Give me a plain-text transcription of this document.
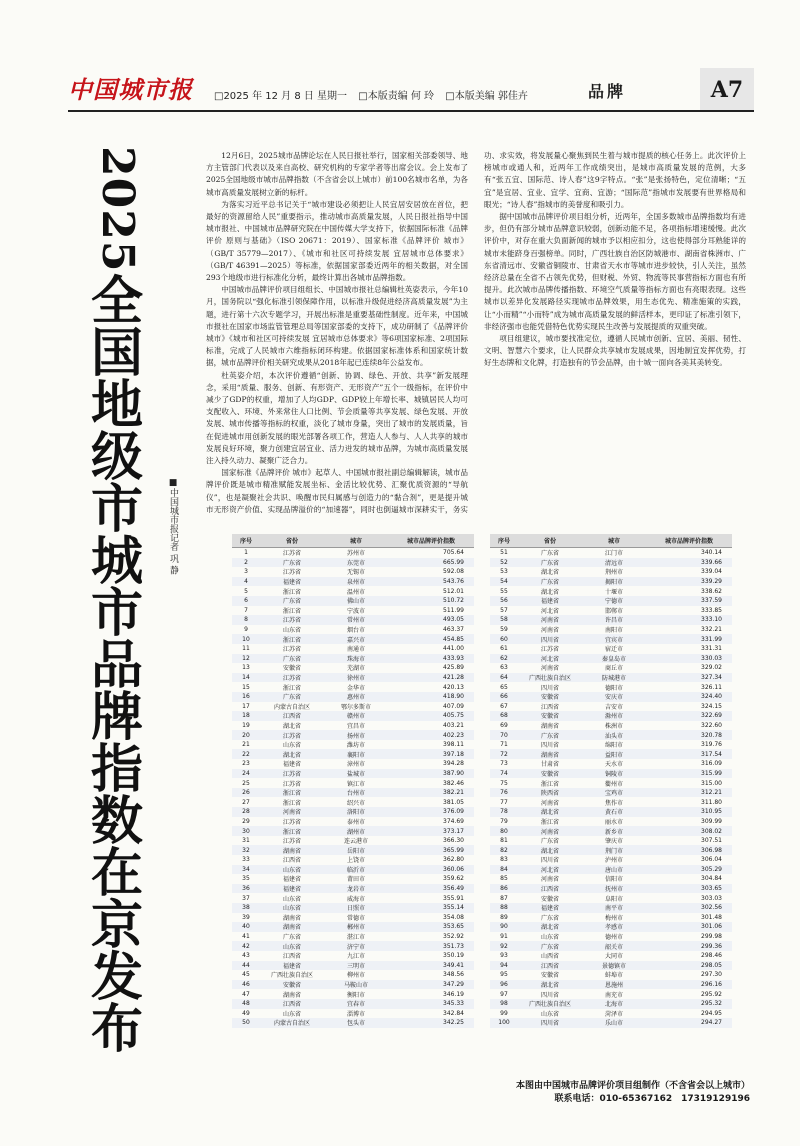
中国城市报 □2025 年 12 月 8 日 星期一 □本版责编 何 玲 □本版美编 郭佳卉	品牌	A7
2025
全国地级市城市品牌指数在京发布
■中国城市报记者 巩 静

12月6日，2025城市品牌论坛在人民日报社举行，国家相关部委领导、地方主管部门代表以及来自高校、研究机构的专家学者等出席会议。会上发布了2025全国地级市城市品牌指数（不含省会以上城市）前100名城市名单，为各城市高质量发展树立新的标杆。

为落实习近平总书记关于“城市建设必须把让人民宜居安居放在首位，把最好的资源留给人民”重要指示，推动城市高质量发展，人民日报社指导中国城市报社、中国城市品牌研究院在中国传媒大学支持下，依据国际标准《品牌评价 原则与基础》（ISO 20671：2019）、国家标准《品牌评价 城市》（GB/T 35779—2017）、《城市和社区可持续发展 宜居城市总体要求》（GB/T 46391—2025）等标准，依据国家部委近两年的相关数据，对全国293个地级市进行标准化分析，最终计算出各城市品牌指数。

中国城市品牌评价项目组组长、中国城市报社总编辑杜英姿表示，今年10月，国务院以“强化标准引领保障作用，以标准升级促进经济高质量发展”为主题，进行第十六次专题学习，开展出标准是重要基础性制度。近年来，中国城市报社在国家市场监管管理总局等国家部委的支持下，成功研制了《品牌评价 城市》《城市和社区可持续发展 宜居城市总体要求》等6项国家标准、2项国际标准，完成了人民城市六维指标闭环构建。依据国家标准体系和国家统计数据，城市品牌评价相关研究成果从2018年起已连续8年公益发布。

杜英姿介绍，本次评价遵循“创新、协调、绿色、开放、共享”新发展理念，采用“质量、服务、创新、有形资产、无形资产”五个一级指标，在评价中减少了GDP的权重，增加了人均GDP、GDP较上年增长率、城镇居民人均可支配收入、环境、外来常住人口比例、节会质量等共享发展、绿色发展、开放发展、城市传播等指标的权重，淡化了城市身量，突出了城市的发展质量，旨在促进城市用创新发展的眼光部署各项工作，营造人人参与、人人共享的城市发展良好环境，聚力创建宜居宜业、活力迸发的城市品牌，为城市高质量发展注入持久动力、凝聚广泛合力。

国家标准《品牌评价 城市》起草人、中国城市报社副总编辑解读，城市品牌评价既是城市精准赋能发展坐标、金活比较优势、汇聚优质资源的“导航仪”，也是凝聚社会共识、唤醒市民归属感与创造力的“黏合剂”，更是提升城市无形资产价值、实现品牌溢价的“加速器”，同时也倒逼城市深耕实干，务实功、求实效，将发展量心聚焦到民生着与城市提质的核心任务上。此次评价上榜城市或通人和，近两年工作成绩突出，是城市高质量发展的范例，大多有“张五宜、国际范、诗人春”这9字特点。“张”是张扬特色，定位清晰；“五宜”是宜居、宜业、宜学、宜商、宜游；“国际范”指城市发展要有世界格局和眼光；“诗人春”指城市的美誉度和吸引力。

据中国城市品牌评价项目组分析，近两年，全国多数城市品牌指数均有进步，但仍有部分城市品牌意识较弱，创新动能不足，各项指标增速缓慢。此次评价中，对存在重大负面新闻的城市予以相应扣分，这也使得部分耳熟能详的城市未能跻身百强榜单。同时，广西壮族自治区防城港市、湖南省株洲市、广东省清远市、安徽省铜陵市、甘肃省天水市等城市进步较快，引人关注，虽然经济总量在全省不占领先优势，但财税、外贸、物流等民事营指标方面也有所提升。此次城市品牌传播指数、环境空气质量等指标方面也有亮眼表现。这些城市以差异化发展路径实现城市品牌效果，用生态优先、精准施策的实践，让“小而精”“小而特”成为城市高质量发展的鲜活样本，更印证了标准引领下，非经济强市也能凭借特色优势实现民生改善与发展提质的双重突破。

项目组建议，城市要找准定位，遵循人民城市创新、宜居、美丽、韧性、文明、智慧六个要求，让人民群众共享城市发展成果，因地制宜发挥优势，打好生态牌和文化牌，打造独有的节会品牌，由十城一面向各美其美转变。

序号	省份	城市	城市品牌评价指数
1	江苏省	苏州市	705.64
2	广东省	东莞市	665.99
3	江苏省	无锡市	592.08
4	福建省	泉州市	543.76
5	浙江省	温州市	512.01
6	广东省	佛山市	510.72
7	浙江省	宁波市	511.99
8	江苏省	常州市	493.05
9	山东省	烟台市	463.37
10	浙江省	嘉兴市	454.85
11	江苏省	南通市	441.00
12	广东省	珠海市	433.93
13	安徽省	芜湖市	425.89
14	江苏省	徐州市	421.28
15	浙江省	金华市	420.13
16	广东省	惠州市	418.90
17	内蒙古自治区	鄂尔多斯市	407.09
18	江西省	赣州市	405.75
19	湖北省	宜昌市	403.21
20	江苏省	扬州市	402.23
21	山东省	潍坊市	398.11
22	湖北省	襄阳市	397.18
23	福建省	漳州市	394.28
24	江苏省	盐城市	387.90
25	江苏省	镇江市	382.46
26	浙江省	台州市	382.21
27	浙江省	绍兴市	381.05
28	河南省	洛阳市	376.09
29	江苏省	泰州市	374.69
30	浙江省	湖州市	373.17
31	江苏省	连云港市	366.30
32	湖南省	岳阳市	365.99
33	江西省	上饶市	362.80
34	山东省	临沂市	360.06
35	福建省	莆田市	359.62
36	福建省	龙岩市	356.49
37	山东省	威海市	355.91
38	山东省	日照市	355.14
39	湖南省	常德市	354.08
40	湖南省	郴州市	353.65
41	广东省	湛江市	352.92
42	山东省	济宁市	351.73
43	江西省	九江市	350.19
44	福建省	三明市	349.41
45	广西壮族自治区	柳州市	348.56
46	安徽省	马鞍山市	347.29
47	湖南省	衡阳市	346.19
48	江西省	宜春市	345.33
49	山东省	淄博市	342.84
50	内蒙古自治区	包头市	342.25
序号	省份	城市	城市品牌评价指数
51	广东省	江门市	340.14
52	广东省	清远市	339.66
53	湖北省	荆州市	339.04
54	广东省	揭阳市	339.29
55	湖北省	十堰市	338.62
56	福建省	宁德市	337.59
57	河北省	邯郸市	333.85
58	河南省	许昌市	333.10
59	河南省	南阳市	332.21
60	四川省	宜宾市	331.99
61	江苏省	宿迁市	331.31
62	河北省	秦皇岛市	330.03
63	河南省	商丘市	329.02
64	广西壮族自治区	防城港市	327.34
65	四川省	德阳市	326.11
66	安徽省	安庆市	324.40
67	江西省	吉安市	324.15
68	安徽省	滁州市	322.69
69	湖南省	株洲市	322.60
70	广东省	汕头市	320.78
71	四川省	绵阳市	319.76
72	湖南省	益阳市	317.54
73	甘肃省	天水市	316.09
74	安徽省	铜陵市	315.99
75	浙江省	衢州市	315.00
76	陕西省	宝鸡市	312.21
77	河南省	焦作市	311.80
78	湖北省	黄石市	310.95
79	浙江省	丽水市	309.99
80	河南省	新乡市	308.02
81	广东省	肇庆市	307.51
82	湖北省	荆门市	306.98
83	四川省	泸州市	306.04
84	河北省	唐山市	305.29
85	河南省	信阳市	304.84
86	江西省	抚州市	303.65
87	安徽省	阜阳市	303.03
88	福建省	南平市	302.56
89	广东省	梅州市	301.48
90	湖北省	孝感市	301.06
91	山东省	德州市	299.98
92	广东省	韶关市	299.36
93	山西省	大同市	298.46
94	江西省	景德镇市	298.05
95	安徽省	蚌埠市	297.30
96	湖北省	恩施州	296.16
97	四川省	南充市	295.92
98	广西壮族自治区	北海市	295.32
99	山东省	菏泽市	294.95
100	四川省	乐山市	294.27
本图由中国城市品牌评价项目组制作（不含省会以上城市）
联系电话：010-65367162　17319129196
